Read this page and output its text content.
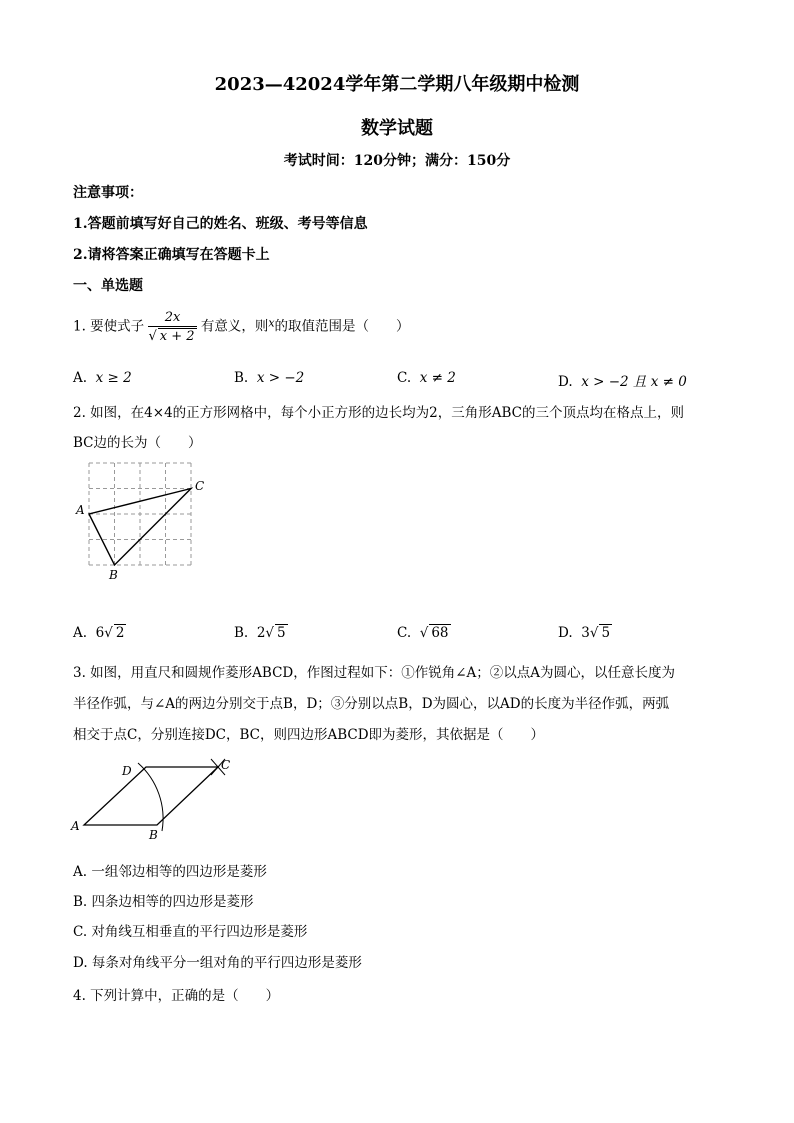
2023—42024学年第二学期八年级期中检测
数学试题
考试时间：120分钟；满分：150分
注意事项：
1.答题前填写好自己的姓名、班级、考号等信息
2.请将答案正确填写在答题卡上
一、单选题
1. 要使式子 $\frac{2x}{√ x + 2}$ 有意义，则$^x$的取值范围是（　　）
A. x ≥ 2	B. x > −2	C. x ≠ 2	D. x > −2 且 x ≠ 0
2. 如图，在4×4的正方形网格中，每个小正方形的边长均为2，三角形ABC的三个顶点均在格点上，则
BC边的长为（　　）
A
B
C
A. 6√ 2	B. 2√ 5	C. √ 68	D. 3√ 5
3. 如图，用直尺和圆规作菱形ABCD，作图过程如下：①作锐角∠A；②以点A为圆心，以任意长度为
半径作弧，与∠A的两边分别交于点B，D；③分别以点B，D为圆心，以AD的长度为半径作弧，两弧
相交于点C，分别连接DC，BC，则四边形ABCD即为菱形，其依据是（　　）
A
B
C
D
A. 一组邻边相等的四边形是菱形
B. 四条边相等的四边形是菱形
C. 对角线互相垂直的平行四边形是菱形
D. 每条对角线平分一组对角的平行四边形是菱形
4. 下列计算中，正确的是（　　）
